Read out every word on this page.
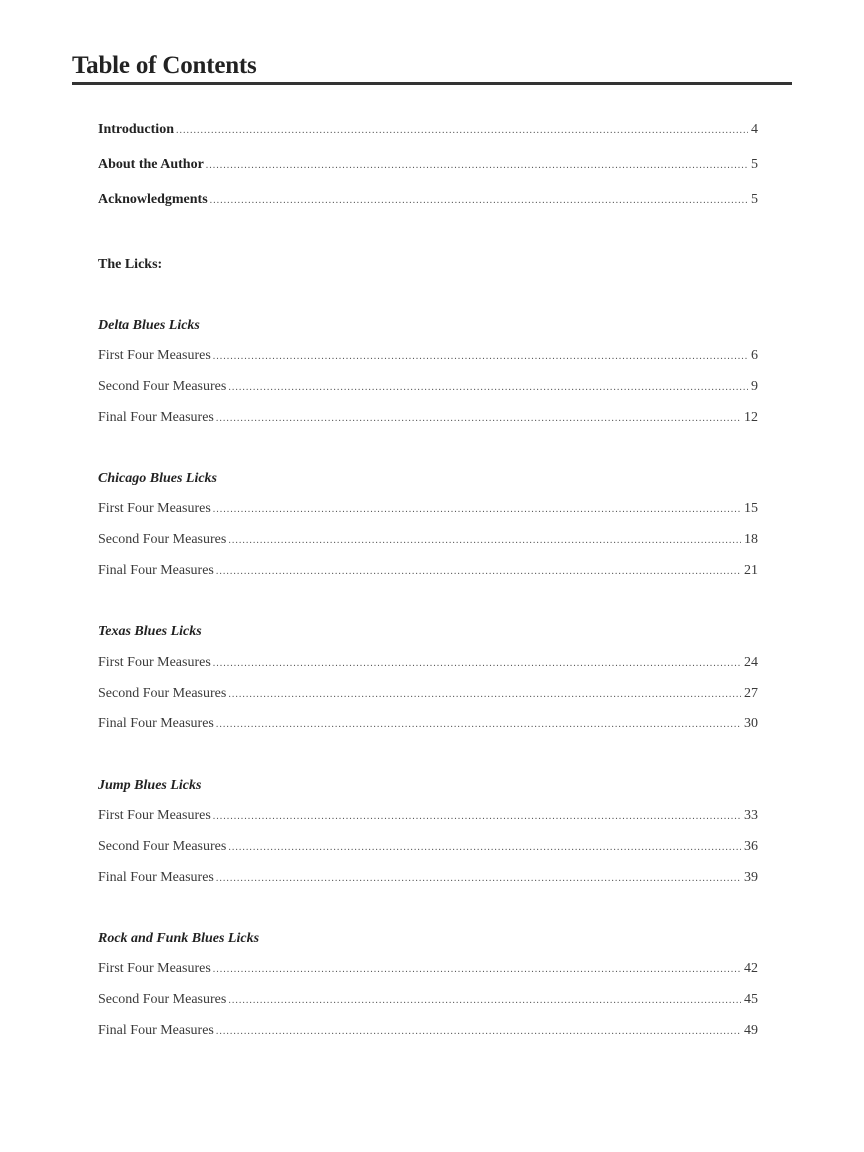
Table of Contents
Introduction .....	4
About the Author .....	5
Acknowledgments .....	5
The Licks:
Delta Blues Licks
First Four Measures .....	6
Second Four Measures .....	9
Final Four Measures .....	12
Chicago Blues Licks
First Four Measures .....	15
Second Four Measures .....	18
Final Four Measures .....	21
Texas Blues Licks
First Four Measures .....	24
Second Four Measures .....	27
Final Four Measures .....	30
Jump Blues Licks
First Four Measures .....	33
Second Four Measures .....	36
Final Four Measures .....	39
Rock and Funk Blues Licks
First Four Measures .....	42
Second Four Measures .....	45
Final Four Measures .....	49
